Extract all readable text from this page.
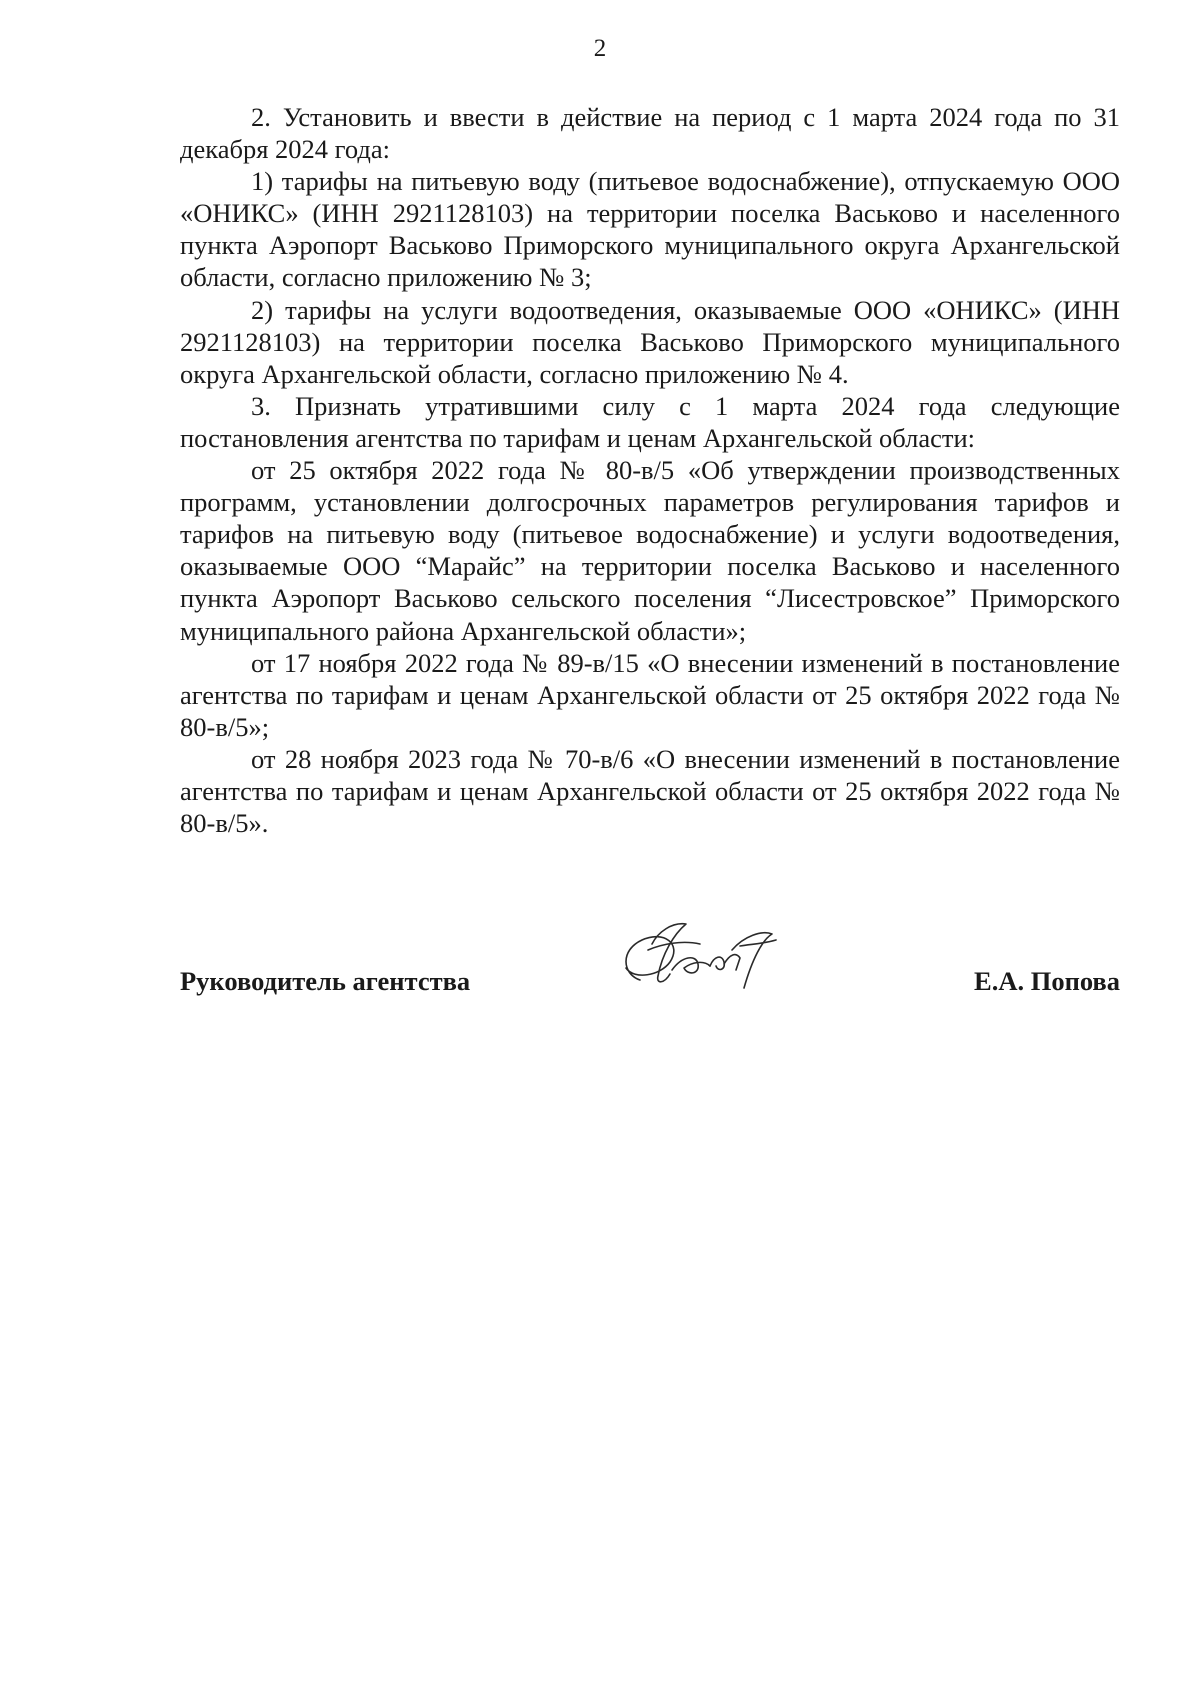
2

2. Установить и ввести в действие на период с 1 марта 2024 года по 31 декабря 2024 года:

1) тарифы на питьевую воду (питьевое водоснабжение), отпускаемую ООО «ОНИКС» (ИНН 2921128103) на территории поселка Васьково и населенного пункта Аэропорт Васьково Приморского муниципального округа Архангельской области, согласно приложению № 3;

2) тарифы на услуги водоотведения, оказываемые ООО «ОНИКС» (ИНН 2921128103) на территории поселка Васьково Приморского муниципального округа Архангельской области, согласно приложению № 4.

3. Признать утратившими силу с 1 марта 2024 года следующие постановления агентства по тарифам и ценам Архангельской области:

от 25 октября 2022 года № 80-в/5 «Об утверждении производственных программ, установлении долгосрочных параметров регулирования тарифов и тарифов на питьевую воду (питьевое водоснабжение) и услуги водоотведения, оказываемые ООО “Марайс” на территории поселка Васьково и населенного пункта Аэропорт Васьково сельского поселения “Лисестровское” Приморского муниципального района Архангельской области»;

от 17 ноября 2022 года № 89-в/15 «О внесении изменений в постановление агентства по тарифам и ценам Архангельской области от 25 октября 2022 года № 80-в/5»;

от 28 ноября 2023 года № 70-в/6 «О внесении изменений в постановление агентства по тарифам и ценам Архангельской области от 25 октября 2022 года № 80-в/5».

Руководитель агентства	Е.А. Попова
